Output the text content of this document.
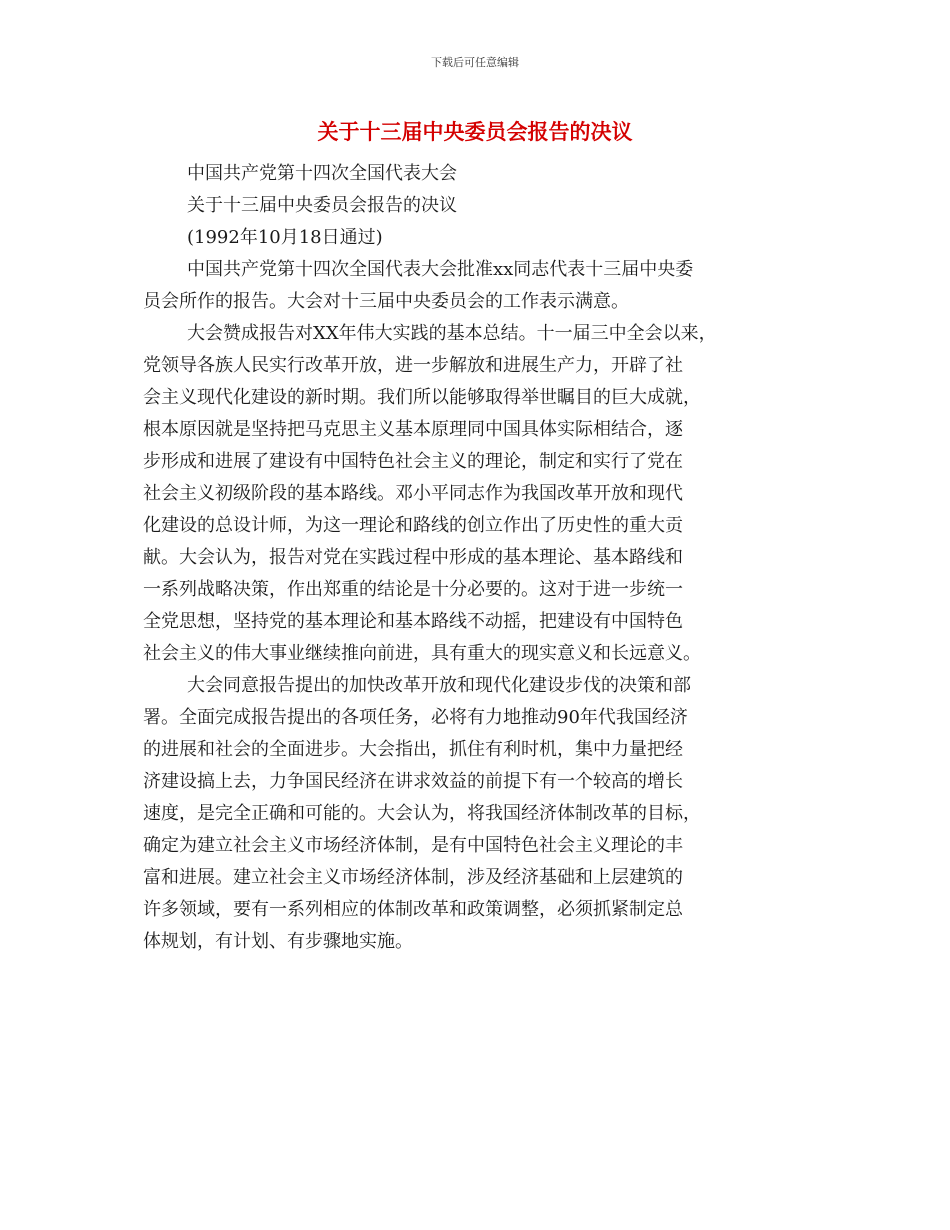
下载后可任意编辑
关于十三届中央委员会报告的决议
中国共产党第十四次全国代表大会
关于十三届中央委员会报告的决议
(1992年10月18日通过)
中国共产党第十四次全国代表大会批准xx同志代表十三届中央委
员会所作的报告。大会对十三届中央委员会的工作表示满意。
大会赞成报告对XX年伟大实践的基本总结。十一届三中全会以来，
党领导各族人民实行改革开放，进一步解放和进展生产力，开辟了社
会主义现代化建设的新时期。我们所以能够取得举世瞩目的巨大成就，
根本原因就是坚持把马克思主义基本原理同中国具体实际相结合，逐
步形成和进展了建设有中国特色社会主义的理论，制定和实行了党在
社会主义初级阶段的基本路线。邓小平同志作为我国改革开放和现代
化建设的总设计师，为这一理论和路线的创立作出了历史性的重大贡
献。大会认为，报告对党在实践过程中形成的基本理论、基本路线和
一系列战略决策，作出郑重的结论是十分必要的。这对于进一步统一
全党思想，坚持党的基本理论和基本路线不动摇，把建设有中国特色
社会主义的伟大事业继续推向前进，具有重大的现实意义和长远意义。
大会同意报告提出的加快改革开放和现代化建设步伐的决策和部
署。全面完成报告提出的各项任务，必将有力地推动90年代我国经济
的进展和社会的全面进步。大会指出，抓住有利时机，集中力量把经
济建设搞上去，力争国民经济在讲求效益的前提下有一个较高的增长
速度，是完全正确和可能的。大会认为，将我国经济体制改革的目标，
确定为建立社会主义市场经济体制，是有中国特色社会主义理论的丰
富和进展。建立社会主义市场经济体制，涉及经济基础和上层建筑的
许多领域，要有一系列相应的体制改革和政策调整，必须抓紧制定总
体规划，有计划、有步骤地实施。
